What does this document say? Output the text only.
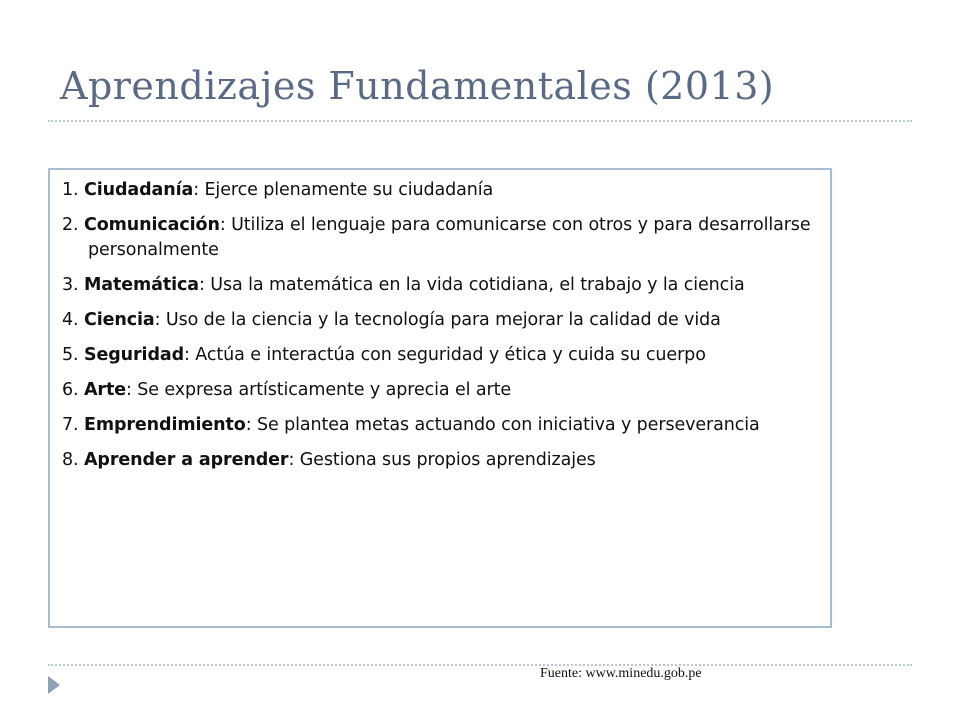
Aprendizajes Fundamentales (2013)
1. Ciudadanía: Ejerce plenamente su ciudadanía
2. Comunicación: Utiliza el lenguaje para comunicarse con otros y para desarrollarse personalmente
3. Matemática: Usa la matemática en la vida cotidiana, el trabajo y la ciencia
4. Ciencia: Uso de la ciencia y la tecnología para mejorar la calidad de vida
5. Seguridad: Actúa e interactúa con seguridad y ética y cuida su cuerpo
6. Arte: Se expresa artísticamente y aprecia el arte
7. Emprendimiento: Se plantea metas actuando con iniciativa y perseverancia
8. Aprender a aprender: Gestiona sus propios aprendizajes
Fuente: www.minedu.gob.pe
